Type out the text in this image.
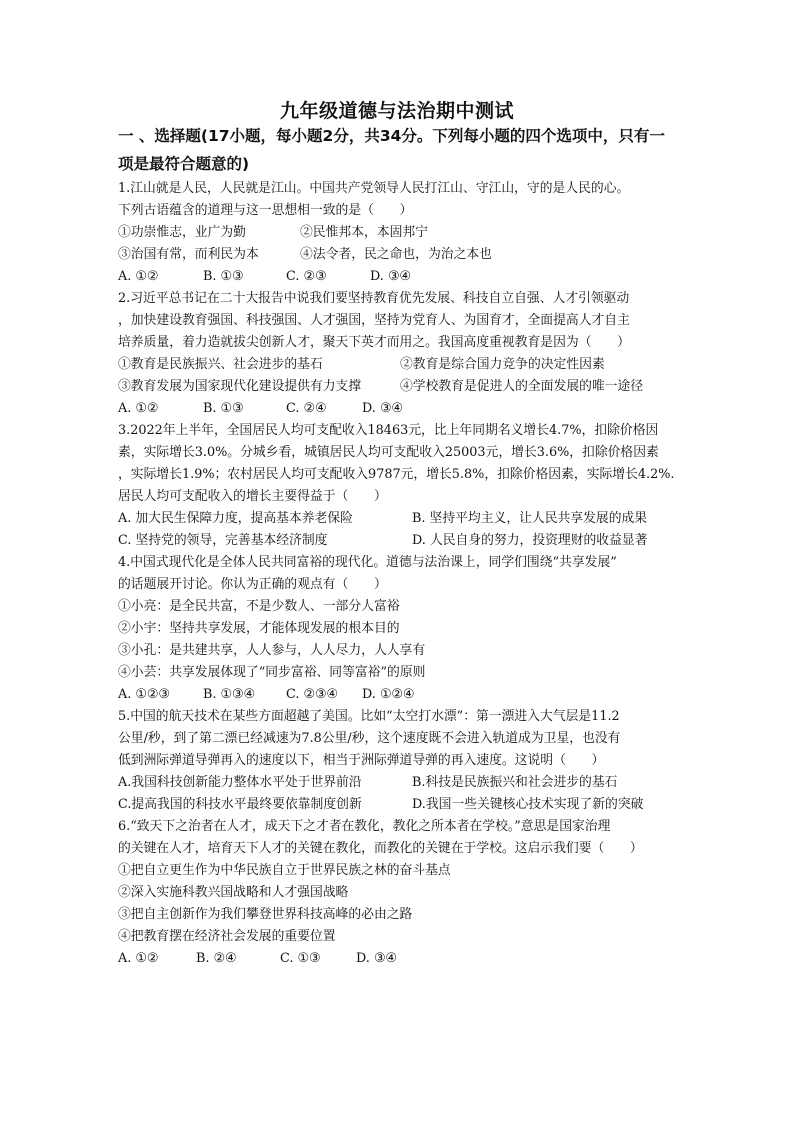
九年级道德与法治期中测试
一 、选择题(17小题，每小题2分，共34分。下列每小题的四个选项中，只有一
项是最符合题意的)
1.江山就是人民，人民就是江山。中国共产党领导人民打江山、守江山，守的是人民的心。
下列古语蕴含的道理与这一思想相一致的是（　　）
①功崇惟志，业广为勤	②民惟邦本，本固邦宁
③治国有常，而利民为本	④法令者，民之命也，为治之本也
A. ①②	B. ①③	C. ②③	D. ③④
2.习近平总书记在二十大报告中说我们要坚持教育优先发展、科技自立自强、人才引领驱动
，加快建设教育强国、科技强国、人才强国，坚持为党育人、为国育才，全面提高人才自主
培养质量，着力造就拔尖创新人才，聚天下英才而用之。我国高度重视教育是因为（　　）
①教育是民族振兴、社会进步的基石	②教育是综合国力竞争的决定性因素
③教育发展为国家现代化建设提供有力支撑	④学校教育是促进人的全面发展的唯一途径
A. ①②	B. ①③	C. ②④	D. ③④
3.2022年上半年，全国居民人均可支配收入18463元，比上年同期名义增长4.7%，扣除价格因
素，实际增长3.0%。分城乡看，城镇居民人均可支配收入25003元，增长3.6%，扣除价格因素
，实际增长1.9%；农村居民人均可支配收入9787元，增长5.8%，扣除价格因素，实际增长4.2%.
居民人均可支配收入的增长主要得益于（　　）
A. 加大民生保障力度，提高基本养老保险	B. 坚持平均主义，让人民共享发展的成果
C. 坚持党的领导，完善基本经济制度	D. 人民自身的努力，投资理财的收益显著
4.中国式现代化是全体人民共同富裕的现代化。道德与法治课上，同学们围绕“共享发展”
的话题展开讨论。你认为正确的观点有（　　）
①小亮：是全民共富，不是少数人、一部分人富裕
②小宇：坚持共享发展，才能体现发展的根本目的
③小孔：是共建共享，人人参与，人人尽力，人人享有
④小芸：共享发展体现了“同步富裕、同等富裕”的原则
A. ①②③	B. ①③④ C. ②③④ D. ①②④
5.中国的航天技术在某些方面超越了美国。比如“太空打水漂”：第一漂进入大气层是11.2
公里/秒，到了第二漂已经减速为7.8公里/秒，这个速度既不会进入轨道成为卫星，也没有
低到洲际弹道导弹再入的速度以下，相当于洲际弹道导弹的再入速度。这说明（　　）
A.我国科技创新能力整体水平处于世界前沿	B.科技是民族振兴和社会进步的基石
C.提高我国的科技水平最终要依靠制度创新	D.我国一些关键核心技术实现了新的突破
6.“致天下之治者在人才，成天下之才者在教化，教化之所本者在学校。”意思是国家治理
的关键在人才，培育天下人才的关键在教化，而教化的关键在于学校。这启示我们要（　　）
①把自立更生作为中华民族自立于世界民族之林的奋斗基点
②深入实施科教兴国战略和人才强国战略
③把自主创新作为我们攀登世界科技高峰的必由之路
④把教育摆在经济社会发展的重要位置
A. ①②	B. ②④	C. ①③	D. ③④
